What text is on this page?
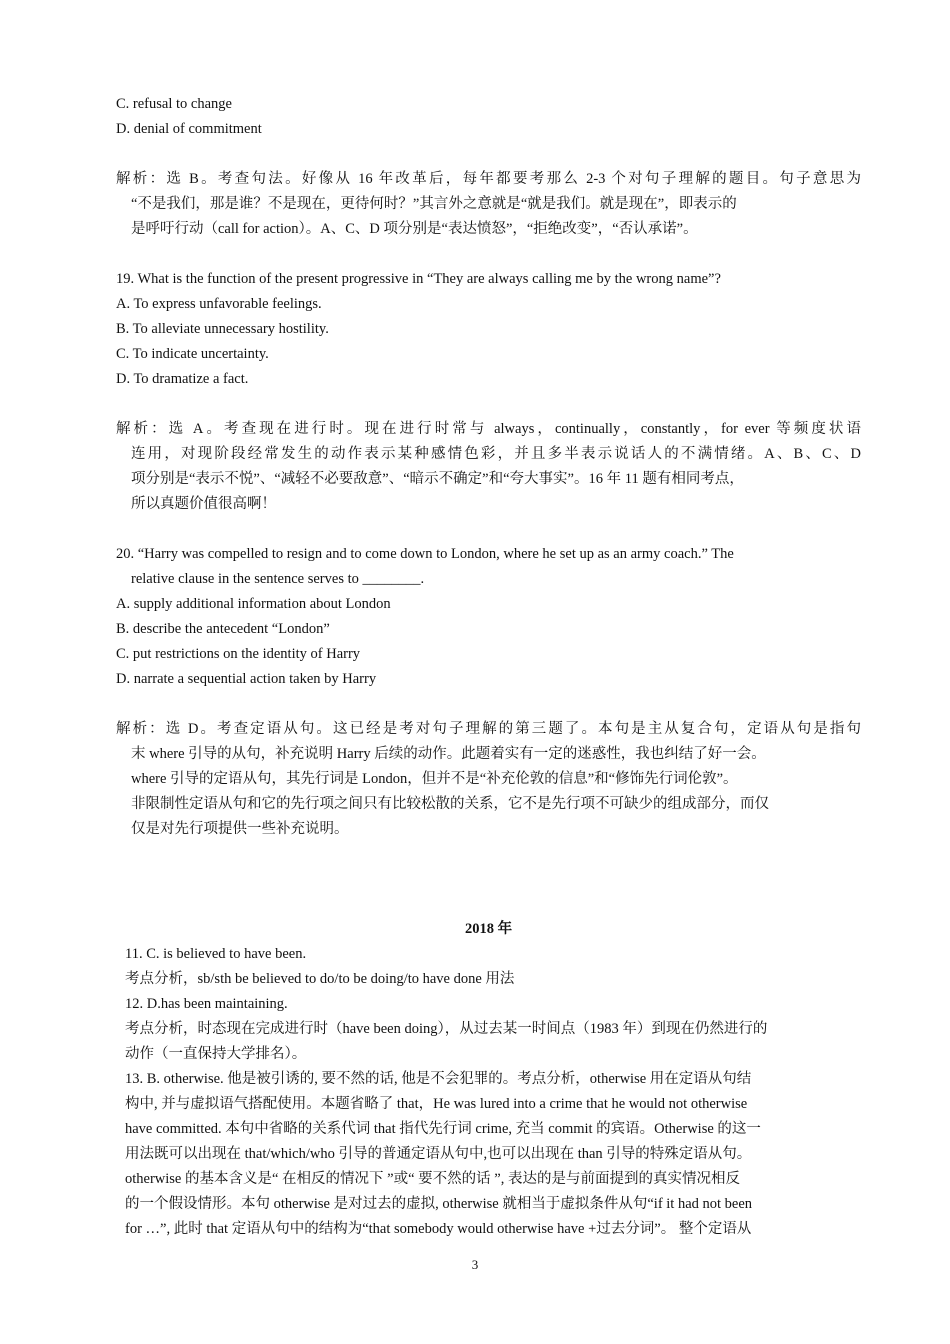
C. refusal to change
D. denial of commitment
解析：选 B。考查句法。好像从 16 年改革后，每年都要考那么 2-3 个对句子理解的题目。句子意思为
“不是我们，那是谁？不是现在，更待何时？”其言外之意就是“就是我们。就是现在”，即表示的
是呼吁行动（call for action）。A、C、D 项分别是“表达愤怒”，“拒绝改变”，“否认承诺”。
19. What is the function of the present progressive in “They are always calling me by the wrong name”?
A. To express unfavorable feelings.
B. To alleviate unnecessary hostility.
C. To indicate uncertainty.
D. To dramatize a fact.
解析：选 A。考查现在进行时。现在进行时常与 always，continually，constantly，for ever 等频度状语
连用，对现阶段经常发生的动作表示某种感情色彩，并且多半表示说话人的不满情绪。A、B、C、D
项分别是“表示不悦”、“减轻不必要敌意”、“暗示不确定”和“夸大事实”。16 年 11 题有相同考点，
所以真题价值很高啊！
20. “Harry was compelled to resign and to come down to London, where he set up as an army coach.” The
relative clause in the sentence serves to ________.
A. supply additional information about London
B. describe the antecedent “London”
C. put restrictions on the identity of Harry
D. narrate a sequential action taken by Harry
解析：选 D。考查定语从句。这已经是考对句子理解的第三题了。本句是主从复合句，定语从句是指句
末 where 引导的从句，补充说明 Harry 后续的动作。此题着实有一定的迷惑性，我也纠结了好一会。
where 引导的定语从句，其先行词是 London，但并不是“补充伦敦的信息”和“修饰先行词伦敦”。
非限制性定语从句和它的先行项之间只有比较松散的关系，它不是先行项不可缺少的组成部分，而仅
仅是对先行项提供一些补充说明。
2018 年
11. C. is believed to have been.
考点分析，sb/sth be believed to do/to be doing/to have done 用法
12. D.has been maintaining.
考点分析，时态现在完成进行时（have been doing），从过去某一时间点（1983 年）到现在仍然进行的
动作（一直保持大学排名）。
13. B. otherwise. 他是被引诱的, 要不然的话, 他是不会犯罪的。考点分析，otherwise 用在定语从句结
构中, 并与虚拟语气搭配使用。本题省略了 that，He was lured into a crime that he would not otherwise
have committed. 本句中省略的关系代词 that 指代先行词 crime, 充当 commit 的宾语。Otherwise 的这一
用法既可以出现在 that/which/who 引导的普通定语从句中,也可以出现在 than 引导的特殊定语从句。
otherwise 的基本含义是“ 在相反的情况下 ”或“ 要不然的话 ”, 表达的是与前面提到的真实情况相反
的一个假设情形。本句 otherwise 是对过去的虚拟, otherwise 就相当于虚拟条件从句“if it had not been
for …”, 此时 that 定语从句中的结构为“that somebody would otherwise have +过去分词”。 整个定语从
3
